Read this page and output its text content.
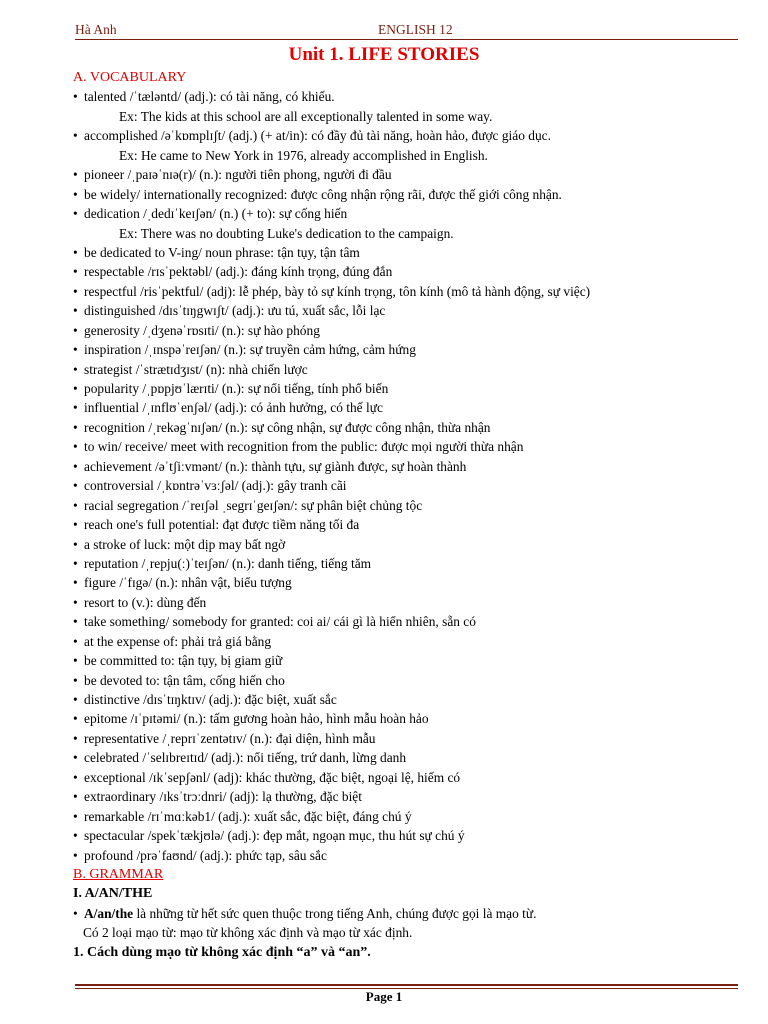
Hà Anh	ENGLISH 12
Unit 1. LIFE STORIES
A. VOCABULARY
• talented /ˈtæləntd/ (adj.): có tài năng, có khiếu.
Ex: The kids at this school are all exceptionally talented in some way.
• accomplished /əˈkɒmplɪʃt/ (adj.) (+ at/in): có đầy đủ tài năng, hoàn hảo, được giáo dục.
Ex: He came to New York in 1976, already accomplished in English.
• pioneer /ˌpaɪəˈnɪə(r)/ (n.): người tiên phong, người đi đầu
• be widely/ internationally recognized: được công nhận rộng rãi, được thế giới công nhận.
• dedication /ˌdedɪˈkeɪʃən/ (n.) (+ to): sự cống hiến
Ex: There was no doubting Luke's dedication to the campaign.
• be dedicated to V-ing/ noun phrase: tận tụy, tận tâm
• respectable /rɪsˈpektəbl/ (adj.): đáng kính trọng, đúng đắn
• respectful /risˈpektful/ (adj): lễ phép, bày tỏ sự kính trọng, tôn kính (mô tả hành động, sự việc)
• distinguished /dɪsˈtɪŋgwɪʃt/ (adj.): ưu tú, xuất sắc, lỗi lạc
• generosity /ˌdʒenəˈrɒsɪti/ (n.): sự hào phóng
• inspiration /ˌɪnspəˈreɪʃən/ (n.): sự truyền cảm hứng, cảm hứng
• strategist /ˈstrætɪdʒɪst/ (n): nhà chiến lược
• popularity /ˌpɒpjʊˈlærɪti/ (n.): sự nổi tiếng, tính phổ biến
• influential /ˌɪnflʊˈenʃəl/ (adj.): có ảnh hưởng, có thế lực
• recognition /ˌrekəgˈnɪʃən/ (n.): sự công nhận, sự được công nhận, thừa nhận
• to win/ receive/ meet with recognition from the public: được mọi người thừa nhận
• achievement /əˈtʃiːvmənt/ (n.): thành tựu, sự giành được, sự hoàn thành
• controversial /ˌkɒntrəˈvɜːʃəl/ (adj.): gây tranh cãi
• racial segregation /ˈreɪʃəl ˌsegrɪˈgeɪʃən/: sự phân biệt chủng tộc
• reach one's full potential: đạt được tiềm năng tối đa
• a stroke of luck: một dịp may bất ngờ
• reputation /ˌrepju(ː)ˈteɪʃən/ (n.): danh tiếng, tiếng tăm
• figure /ˈfɪgə/ (n.): nhân vật, biểu tượng
• resort to (v.): dùng đến
• take something/ somebody for granted: coi ai/ cái gì là hiển nhiên, sẵn có
• at the expense of: phải trả giá bằng
• be committed to: tận tụy, bị giam giữ
• be devoted to: tận tâm, cống hiến cho
• distinctive /dɪsˈtɪŋktɪv/ (adj.): đặc biệt, xuất sắc
• epitome /ɪˈpɪtəmi/ (n.): tấm gương hoàn hảo, hình mẫu hoàn hảo
• representative /ˌreprɪˈzentətɪv/ (n.): đại diện, hình mẫu
• celebrated /ˈselɪbreɪtɪd/ (adj.): nổi tiếng, trứ danh, lừng danh
• exceptional /ɪkˈsepʃənl/ (adj): khác thường, đặc biệt, ngoại lệ, hiếm có
• extraordinary /ɪksˈtrɔːdnri/ (adj): lạ thường, đặc biệt
• remarkable /rɪˈmɑːkəb1/ (adj.): xuất sắc, đặc biệt, đáng chú ý
• spectacular /spekˈtækjʊlə/ (adj.): đẹp mắt, ngoạn mục, thu hút sự chú ý
• profound /prəˈfaʊnd/ (adj.): phức tạp, sâu sắc
B. GRAMMAR
I. A/AN/THE
• A/an/the là những từ hết sức quen thuộc trong tiếng Anh, chúng được gọi là mạo từ.
Có 2 loại mạo từ: mạo từ không xác định và mạo từ xác định.
1. Cách dùng mạo từ không xác định “a” và “an”.
Page 1
